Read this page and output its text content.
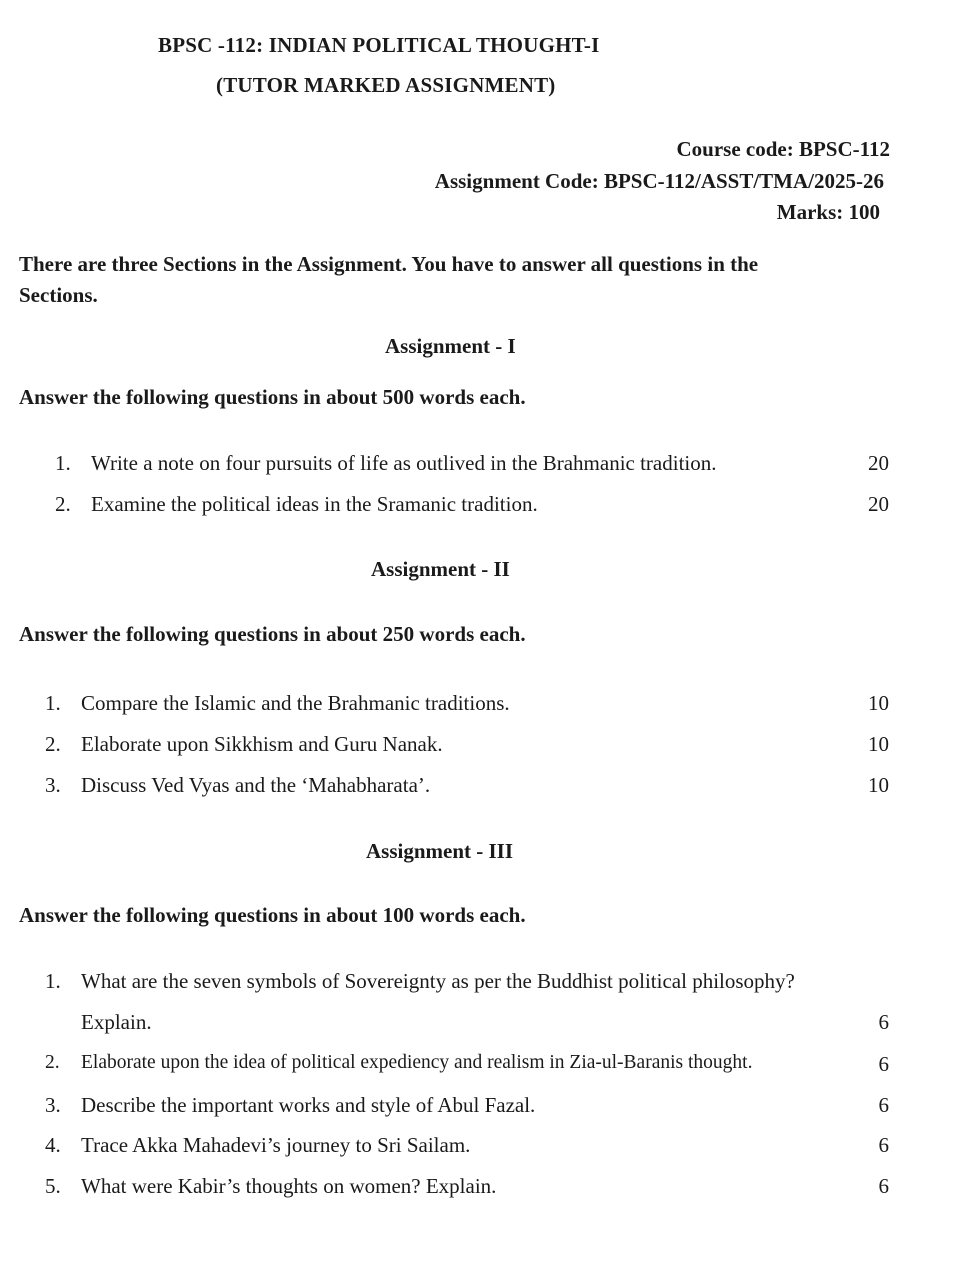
BPSC -112: INDIAN POLITICAL THOUGHT-I
(TUTOR MARKED ASSIGNMENT)
Course code: BPSC-112
Assignment Code: BPSC-112/ASST/TMA/2025-26
Marks: 100
There are three Sections in the Assignment. You have to answer all questions in the
Sections.
Assignment - I
Answer the following questions in about 500 words each.
1. Write a note on four pursuits of life as outlived in the Brahmanic tradition.	20
2. Examine the political ideas in the Sramanic tradition.	20
Assignment - II
Answer the following questions in about 250 words each.
1. Compare the Islamic and the Brahmanic traditions.	10
2. Elaborate upon Sikkhism and Guru Nanak.	10
3. Discuss Ved Vyas and the ‘Mahabharata’.	10
Assignment - III
Answer the following questions in about 100 words each.
1. What are the seven symbols of Sovereignty as per the Buddhist political philosophy?
Explain.	6
2. Elaborate upon the idea of political expediency and realism in Zia-ul-Baranis thought.	6
3. Describe the important works and style of Abul Fazal.	6
4. Trace Akka Mahadevi’s journey to Sri Sailam.	6
5. What were Kabir’s thoughts on women? Explain.	6
